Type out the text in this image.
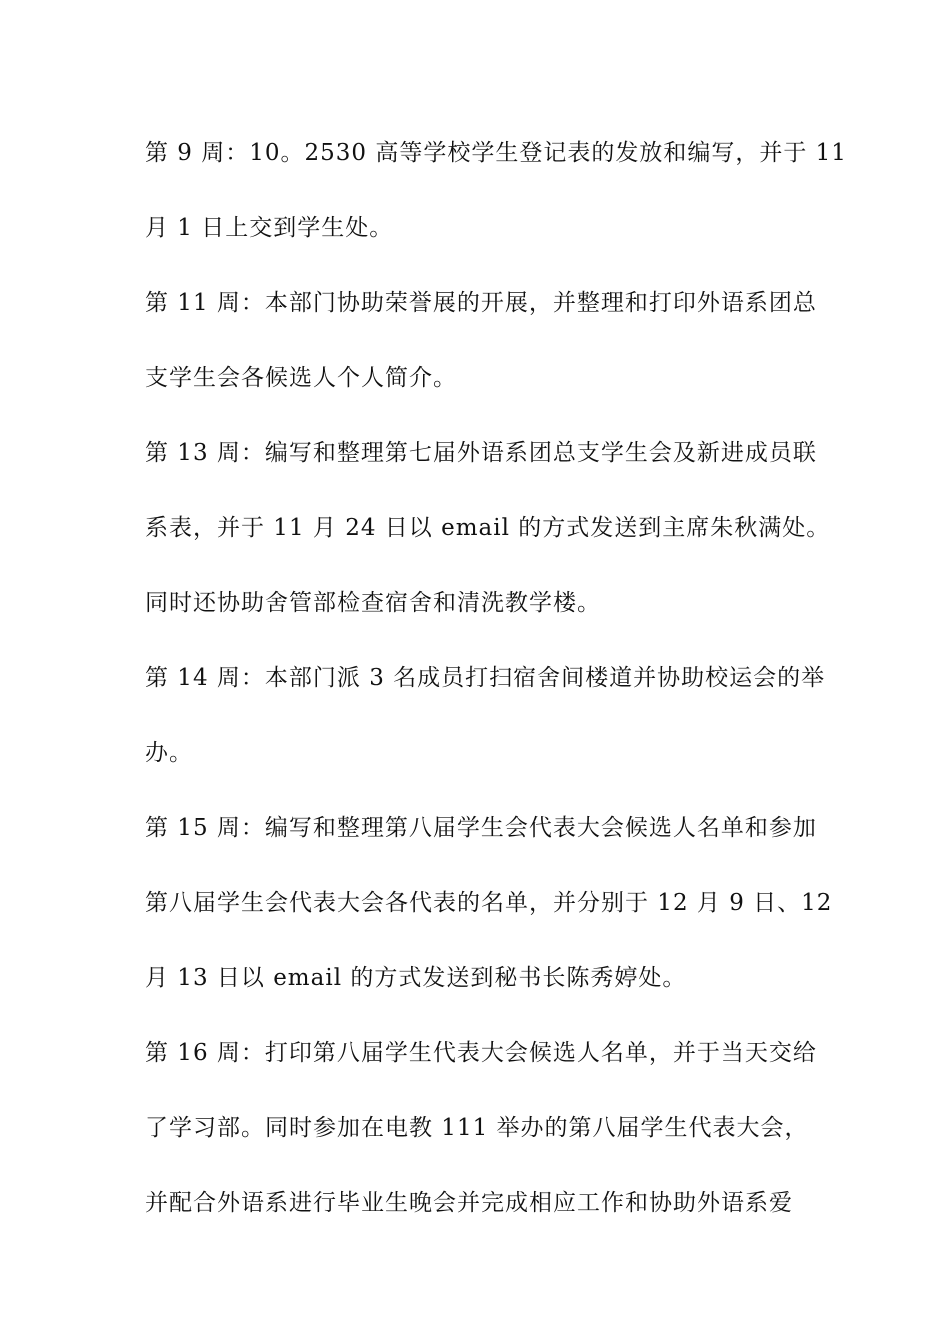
第 9 周：10。2530 高等学校学生登记表的发放和编写，并于 11
月 1 日上交到学生处。
第 11 周：本部门协助荣誉展的开展，并整理和打印外语系团总
支学生会各候选人个人简介。
第 13 周：编写和整理第七届外语系团总支学生会及新进成员联
系表，并于 11 月 24 日以 email 的方式发送到主席朱秋满处。
同时还协助舍管部检查宿舍和清洗教学楼。
第 14 周：本部门派 3 名成员打扫宿舍间楼道并协助校运会的举
办。
第 15 周：编写和整理第八届学生会代表大会候选人名单和参加
第八届学生会代表大会各代表的名单，并分别于 12 月 9 日、12
月 13 日以 email 的方式发送到秘书长陈秀婷处。
第 16 周：打印第八届学生代表大会候选人名单，并于当天交给
了学习部。同时参加在电教 111 举办的第八届学生代表大会，
并配合外语系进行毕业生晚会并完成相应工作和协助外语系爱
